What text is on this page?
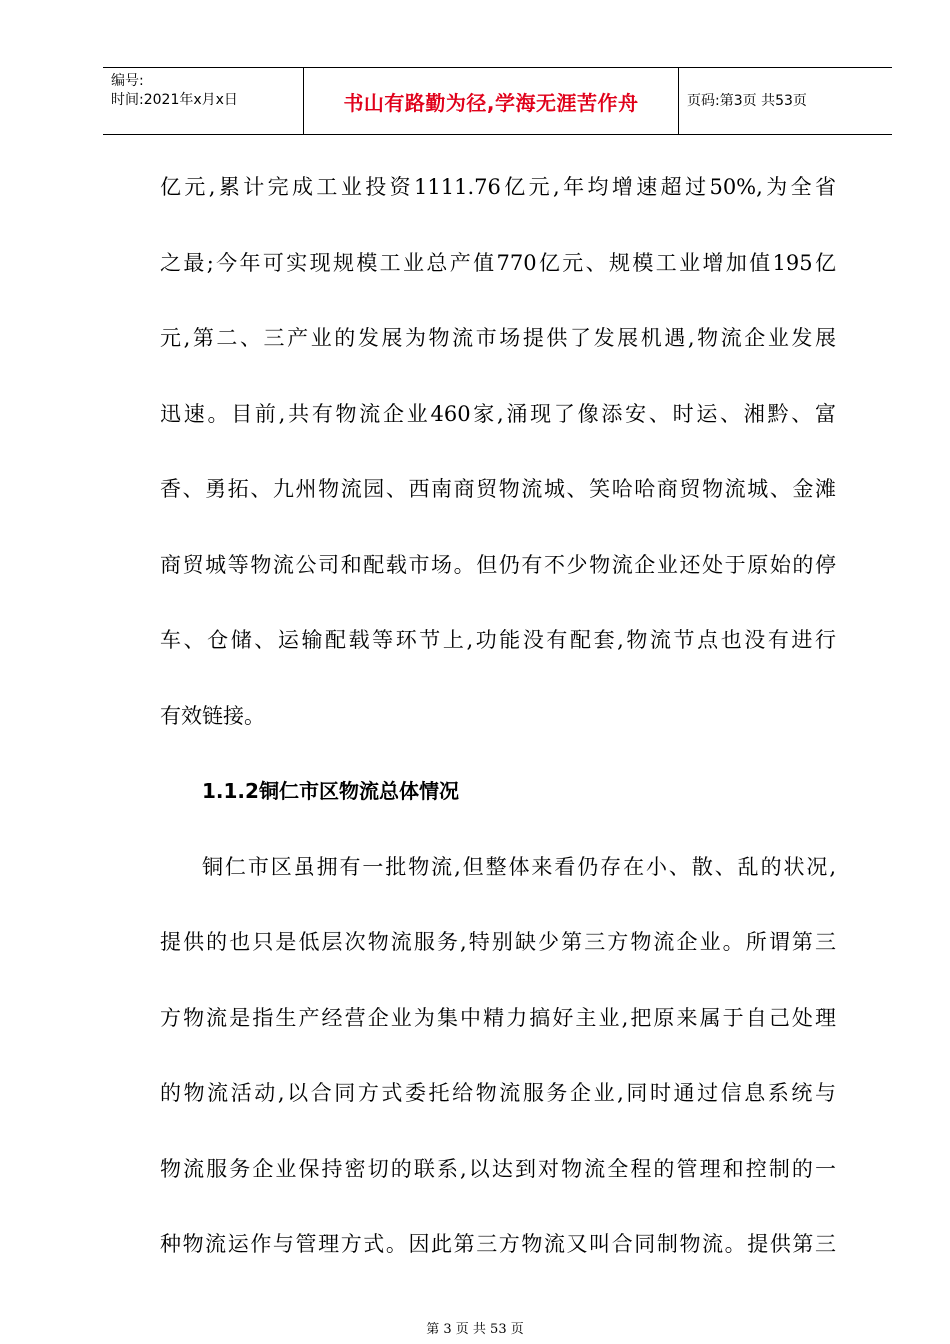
编号:
时间:2021年x月x日	书山有路勤为径,学海无涯苦作舟	页码:第3页 共53页
亿元,累计完成工业投资1111.76亿元,年均增速超过50%,为全省
之最;今年可实现规模工业总产值770亿元、规模工业增加值195亿
元,第二、三产业的发展为物流市场提供了发展机遇,物流企业发展
迅速。目前,共有物流企业460家,涌现了像添安、时运、湘黔、富
香、勇拓、九州物流园、西南商贸物流城、笑哈哈商贸物流城、金滩
商贸城等物流公司和配载市场。但仍有不少物流企业还处于原始的停
车、仓储、运输配载等环节上,功能没有配套,物流节点也没有进行
有效链接。
1.1.2铜仁市区物流总体情况
铜仁市区虽拥有一批物流,但整体来看仍存在小、散、乱的状况,
提供的也只是低层次物流服务,特别缺少第三方物流企业。所谓第三
方物流是指生产经营企业为集中精力搞好主业,把原来属于自己处理
的物流活动,以合同方式委托给物流服务企业,同时通过信息系统与
物流服务企业保持密切的联系,以达到对物流全程的管理和控制的一
种物流运作与管理方式。因此第三方物流又叫合同制物流。提供第三
第 3 页 共 53 页
